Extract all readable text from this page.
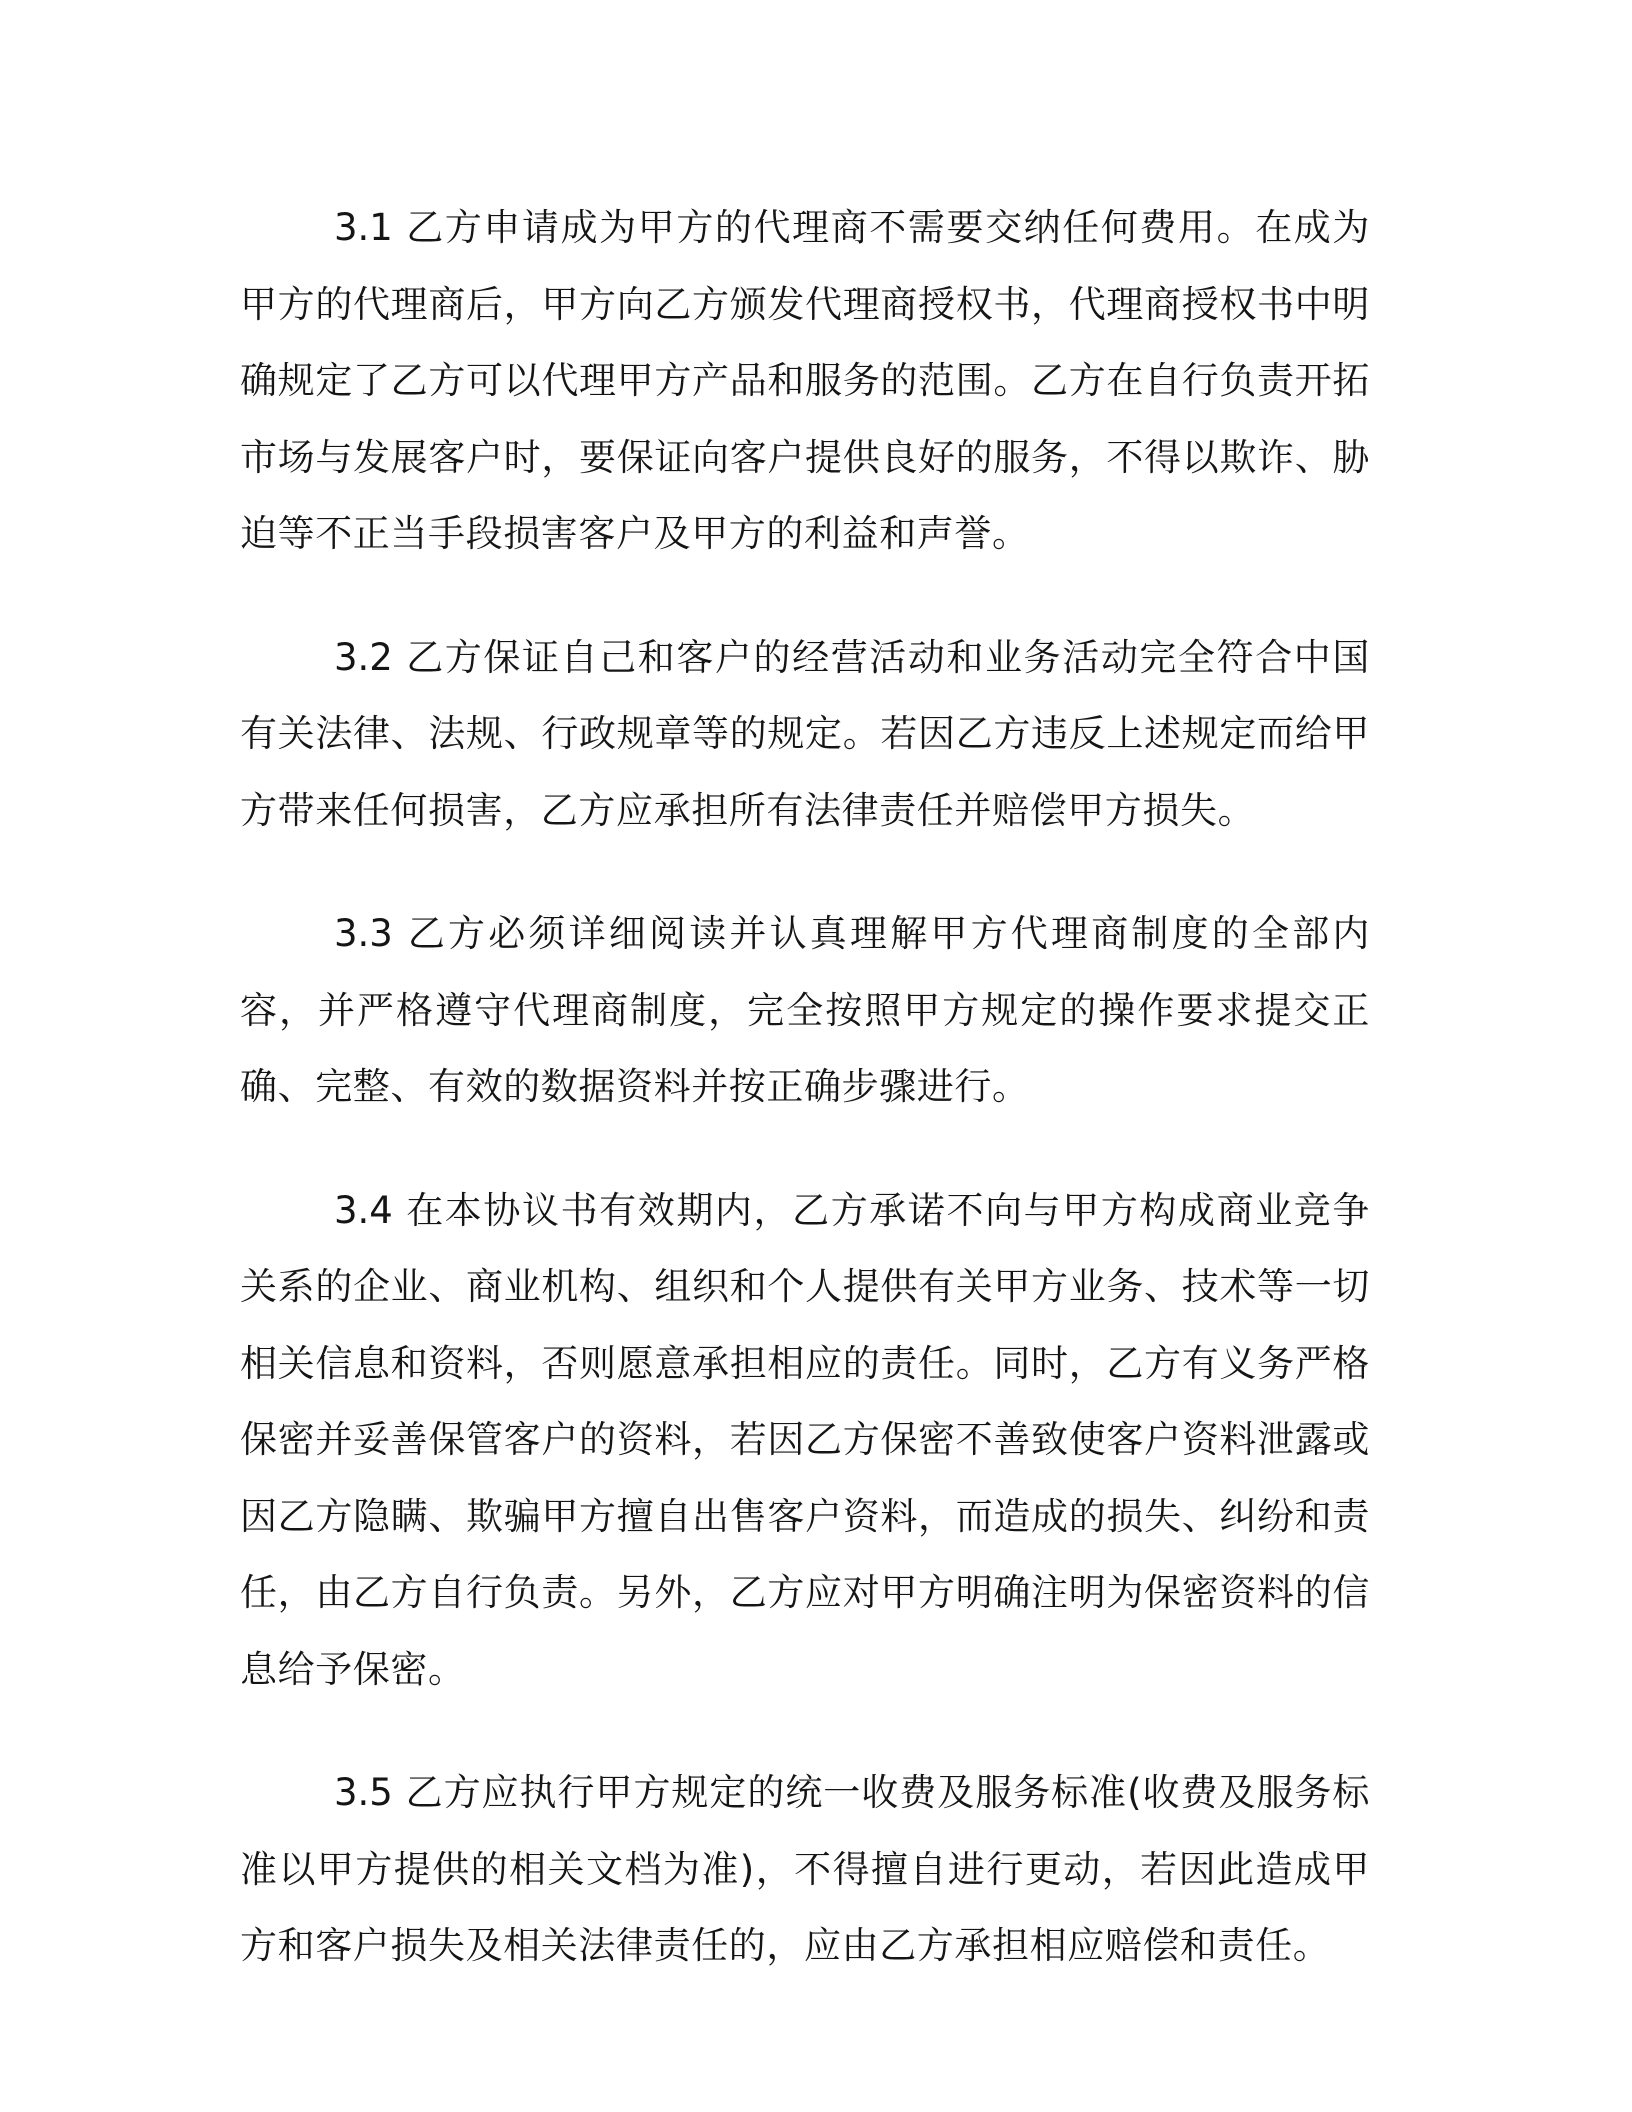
3.1 乙方申请成为甲方的代理商不需要交纳任何费用。在成为甲方的代理商后，甲方向乙方颁发代理商授权书，代理商授权书中明确规定了乙方可以代理甲方产品和服务的范围。乙方在自行负责开拓市场与发展客户时，要保证向客户提供良好的服务，不得以欺诈、胁迫等不正当手段损害客户及甲方的利益和声誉。

3.2 乙方保证自己和客户的经营活动和业务活动完全符合中国有关法律、法规、行政规章等的规定。若因乙方违反上述规定而给甲方带来任何损害，乙方应承担所有法律责任并赔偿甲方损失。

3.3 乙方必须详细阅读并认真理解甲方代理商制度的全部内容，并严格遵守代理商制度，完全按照甲方规定的操作要求提交正确、完整、有效的数据资料并按正确步骤进行。

3.4 在本协议书有效期内，乙方承诺不向与甲方构成商业竞争关系的企业、商业机构、组织和个人提供有关甲方业务、技术等一切相关信息和资料，否则愿意承担相应的责任。同时，乙方有义务严格保密并妥善保管客户的资料，若因乙方保密不善致使客户资料泄露或因乙方隐瞒、欺骗甲方擅自出售客户资料，而造成的损失、纠纷和责任，由乙方自行负责。另外，乙方应对甲方明确注明为保密资料的信息给予保密。

3.5 乙方应执行甲方规定的统一收费及服务标准(收费及服务标准以甲方提供的相关文档为准)，不得擅自进行更动，若因此造成甲方和客户损失及相关法律责任的，应由乙方承担相应赔偿和责任。
